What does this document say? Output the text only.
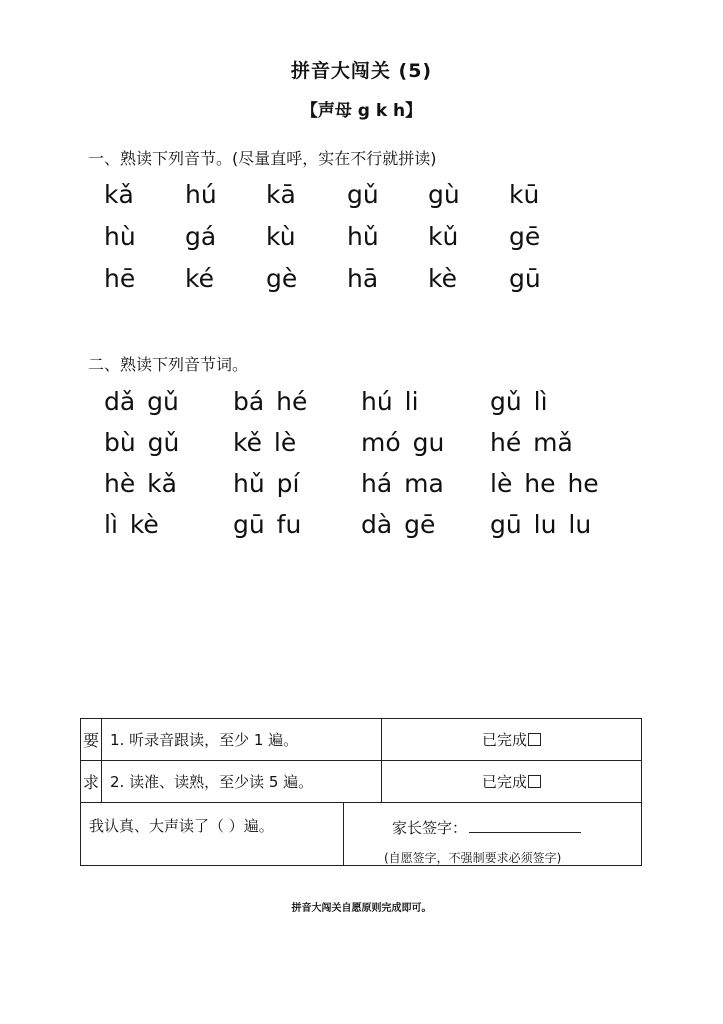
拼音大闯关 (5)
【声母 g k h】
一、熟读下列音节。(尽量直呼，实在不行就拼读)
kǎ	hú	kā	gǔ	gù	kū
hù	gá	kù	hǔ	kǔ	gē
hē	ké	gè	hā	kè	gū
二、熟读下列音节词。
dǎ gǔ	bá hé	hú li	gǔ lì
bù gǔ	kě lè	mó gu	hé mǎ
hè kǎ	hǔ pí	há ma	lè he he
lì kè	gū fu	dà gē	gū lu lu
要	1. 听录音跟读，至少 1 遍。	已完成
求	2. 读准、读熟，至少读 5 遍。	已完成
我认真、大声读了（ ）遍。	家长签字：
(自愿签字，不强制要求必须签字)
拼音大闯关自愿原则完成即可。
